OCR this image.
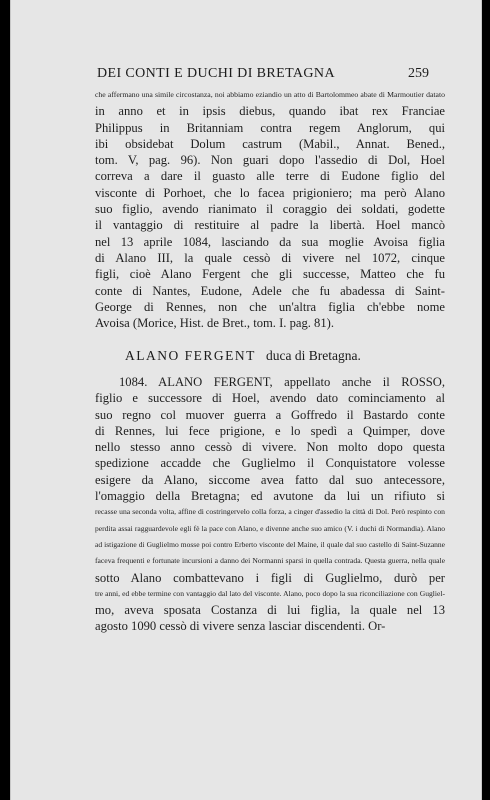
DEI CONTI E DUCHI DI BRETAGNA	259
che affermano una simile circostanza, noi abbiamo eziandio un atto di Bartolommeo abate di Marmoutier datato
in anno et in ipsis diebus, quando ibat rex Franciae
Philippus in Britanniam contra regem Anglorum, qui
ibi obsidebat Dolum castrum (Mabil., Annat. Bened.,
tom. V, pag. 96). Non guari dopo l'assedio di Dol, Hoel
correva a dare il guasto alle terre di Eudone figlio del
visconte di Porhoet, che lo facea prigioniero; ma però Alano
suo figlio, avendo rianimato il coraggio dei soldati, godette
il vantaggio di restituire al padre la libertà. Hoel mancò
nel 13 aprile 1084, lasciando da sua moglie Avoisa figlia
di Alano III, la quale cessò di vivere nel 1072, cinque
figli, cioè Alano Fergent che gli successe, Matteo che fu
conte di Nantes, Eudone, Adele che fu abadessa di Saint-
George di Rennes, non che un'altra figlia ch'ebbe nome
Avoisa (Morice, Hist. de Bret., tom. I. pag. 81).
ALANO FERGENT duca di Bretagna.
1084. ALANO FERGENT, appellato anche il ROSSO,
figlio e successore di Hoel, avendo dato cominciamento al
suo regno col muover guerra a Goffredo il Bastardo conte
di Rennes, lui fece prigione, e lo spedì a Quimper, dove
nello stesso anno cessò di vivere. Non molto dopo questa
spedizione accadde che Guglielmo il Conquistatore volesse
esigere da Alano, siccome avea fatto dal suo antecessore,
l'omaggio della Bretagna; ed avutone da lui un rifiuto si
recasse una seconda volta, affine di costringervelo colla forza, a cinger d'assedio la città di Dol. Però respinto con
perdita assai ragguardevole egli fè la pace con Alano, e divenne anche suo amico (V. i duchi di Normandia). Alano
ad istigazione di Guglielmo mosse poi contro Erberto visconte del Maine, il quale dal suo castello di Saint-Suzanne
faceva frequenti e fortunate incursioni a danno dei Normanni sparsi in quella contrada. Questa guerra, nella quale
sotto Alano combattevano i figli di Guglielmo, durò per
tre anni, ed ebbe termine con vantaggio dal lato del visconte. Alano, poco dopo la sua riconciliazione con Gugliel-
mo, aveva sposata Costanza di lui figlia, la quale nel 13
agosto 1090 cessò di vivere senza lasciar discendenti. Or-
